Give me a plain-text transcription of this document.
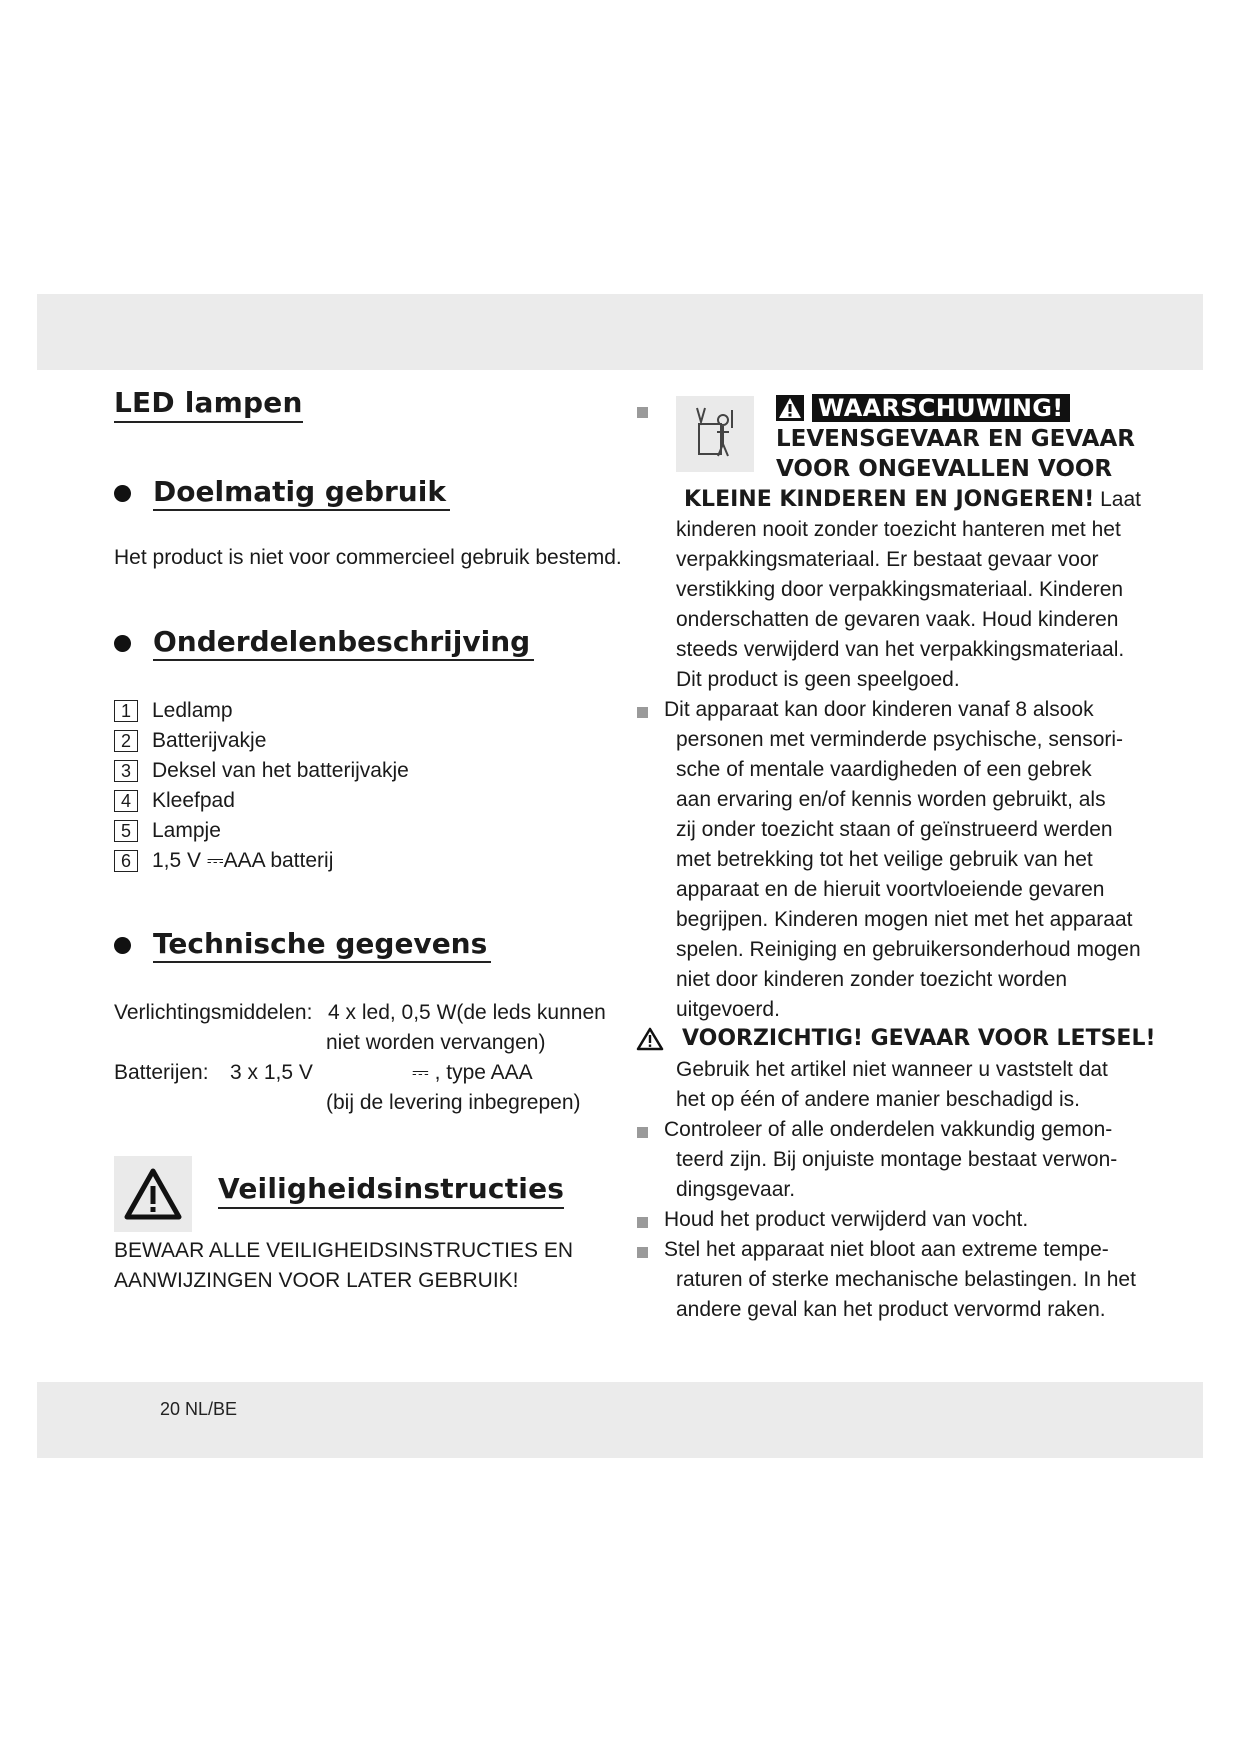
20 NL/BE
LED lampen
Doelmatig gebruik
Het product is niet voor commercieel gebruik bestemd.
Onderdelenbeschrijving
1	Ledlamp
2	Batterijvakje
3	Deksel van het batterijvakje
4	Kleefpad
5	Lampje
6	1,5 V ⎓AAA batterij
Technische gegevens
Verlichtingsmiddelen: 4 x led, 0,5 W(de leds kunnen
niet worden vervangen)
Batterijen: 3 x 1,5 V	⎓ , type AAA
(bij de levering inbegrepen)
Veiligheidsinstructies
BEWAAR ALLE VEILIGHEIDSINSTRUCTIES EN
AANWIJZINGEN VOOR LATER GEBRUIK!
WAARSCHUWING!
LEVENSGEVAAR EN GEVAAR
VOOR ONGEVALLEN VOOR
KLEINE KINDEREN EN JONGEREN! Laat
kinderen nooit zonder toezicht hanteren met het
verpakkingsmateriaal. Er bestaat gevaar voor
verstikking door verpakkingsmateriaal. Kinderen
onderschatten de gevaren vaak. Houd kinderen
steeds verwijderd van het verpakkingsmateriaal.
Dit product is geen speelgoed.
Dit apparaat kan door kinderen vanaf 8 alsook
personen met verminderde psychische, sensori-
sche of mentale vaardigheden of een gebrek
aan ervaring en/of kennis worden gebruikt, als
zij onder toezicht staan of geïnstrueerd werden
met betrekking tot het veilige gebruik van het
apparaat en de hieruit voortvloeiende gevaren
begrijpen. Kinderen mogen niet met het apparaat
spelen. Reiniging en gebruikersonderhoud mogen
niet door kinderen zonder toezicht worden
uitgevoerd.
VOORZICHTIG! GEVAAR VOOR LETSEL!
Gebruik het artikel niet wanneer u vaststelt dat
het op één of andere manier beschadigd is.
Controleer of alle onderdelen vakkundig gemon-
teerd zijn. Bij onjuiste montage bestaat verwon-
dingsgevaar.
Houd het product verwijderd van vocht.
Stel het apparaat niet bloot aan extreme tempe-
raturen of sterke mechanische belastingen. In het
andere geval kan het product vervormd raken.
